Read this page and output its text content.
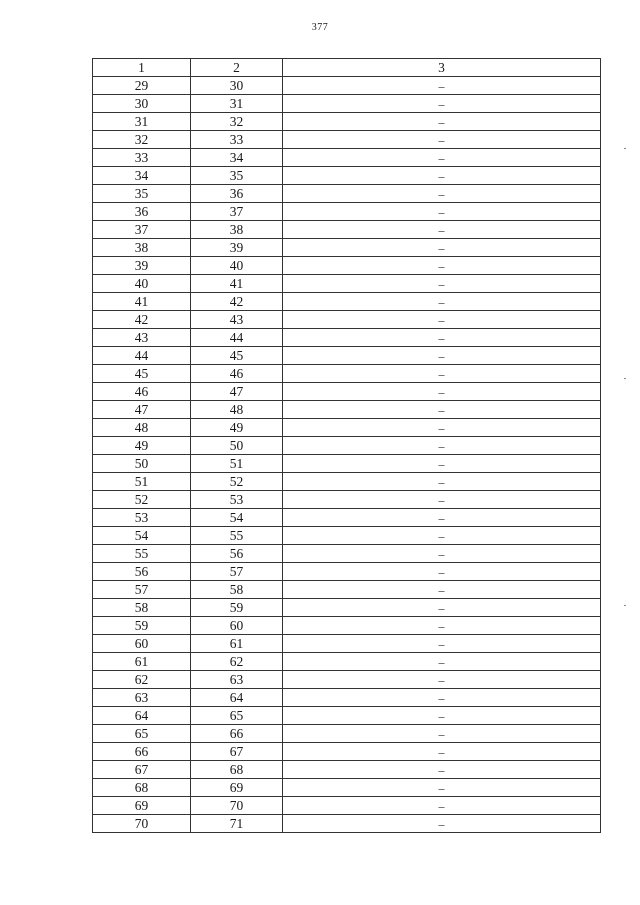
377
1	2	3
29	30	–
30	31	–
31	32	–
32	33	–
33	34	–
34	35	–
35	36	–
36	37	–
37	38	–
38	39	–
39	40	–
40	41	–
41	42	–
42	43	–
43	44	–
44	45	–
45	46	–
46	47	–
47	48	–
48	49	–
49	50	–
50	51	–
51	52	–
52	53	–
53	54	–
54	55	–
55	56	–
56	57	–
57	58	–
58	59	–
59	60	–
60	61	–
61	62	–
62	63	–
63	64	–
64	65	–
65	66	–
66	67	–
67	68	–
68	69	–
69	70	–
70	71	–
